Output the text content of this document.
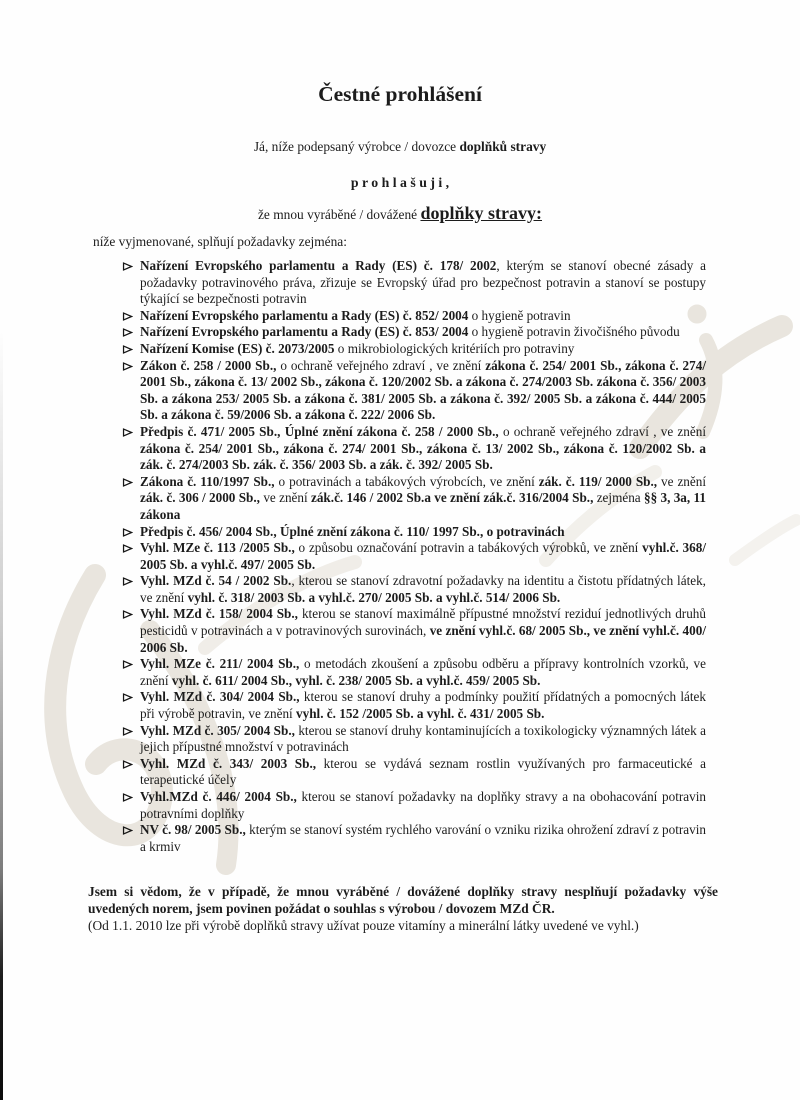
Čestné prohlášení

Já, níže podepsaný výrobce / dovozce doplňků stravy

p r o h l a š u j i ,

že mnou vyráběné / dovážené doplňky stravy:

níže vyjmenované, splňují požadavky zejména:

Nařízení Evropského parlamentu a Rady (ES) č. 178/ 2002, kterým se stanoví obecné zásady a požadavky potravinového práva, zřizuje se Evropský úřad pro bezpečnost potravin a stanoví se postupy týkající se bezpečnosti potravin
Nařízení Evropského parlamentu a Rady (ES) č. 852/ 2004 o hygieně potravin
Nařízení Evropského parlamentu a Rady (ES) č. 853/ 2004 o hygieně potravin živočišného původu
Nařízení Komise (ES) č. 2073/2005 o mikrobiologických kritériích pro potraviny
Zákon č. 258 / 2000 Sb., o ochraně veřejného zdraví , ve znění zákona č. 254/ 2001 Sb., zákona č. 274/ 2001 Sb., zákona č. 13/ 2002 Sb., zákona č. 120/2002 Sb. a zákona č. 274/2003 Sb. zákona č. 356/ 2003 Sb. a zákona 253/ 2005 Sb. a zákona č. 381/ 2005 Sb. a zákona č. 392/ 2005 Sb. a zákona č. 444/ 2005 Sb. a zákona č. 59/2006 Sb. a zákona č. 222/ 2006 Sb.
Předpis č. 471/ 2005 Sb., Úplné znění zákona č. 258 / 2000 Sb., o ochraně veřejného zdraví , ve znění zákona č. 254/ 2001 Sb., zákona č. 274/ 2001 Sb., zákona č. 13/ 2002 Sb., zákona č. 120/2002 Sb. a zák. č. 274/2003 Sb. zák. č. 356/ 2003 Sb. a zák. č. 392/ 2005 Sb.
Zákona č. 110/1997 Sb., o potravinách a tabákových výrobcích, ve znění zák. č. 119/ 2000 Sb., ve znění zák. č. 306 / 2000 Sb., ve znění zák.č. 146 / 2002 Sb.a ve znění zák.č. 316/2004 Sb., zejména §§ 3, 3a, 11 zákona
Předpis č. 456/ 2004 Sb., Úplné znění zákona č. 110/ 1997 Sb., o potravinách
Vyhl. MZe č. 113 /2005 Sb., o způsobu označování potravin a tabákových výrobků, ve znění vyhl.č. 368/ 2005 Sb. a vyhl.č. 497/ 2005 Sb.
Vyhl. MZd č. 54 / 2002 Sb., kterou se stanoví zdravotní požadavky na identitu a čistotu přídatných látek, ve znění vyhl. č. 318/ 2003 Sb. a vyhl.č. 270/ 2005 Sb. a vyhl.č. 514/ 2006 Sb.
Vyhl. MZd č. 158/ 2004 Sb., kterou se stanoví maximálně přípustné množství reziduí jednotlivých druhů pesticidů v potravinách a v potravinových surovinách, ve znění vyhl.č. 68/ 2005 Sb., ve znění vyhl.č. 400/ 2006 Sb.
Vyhl. MZe č. 211/ 2004 Sb., o metodách zkoušení a způsobu odběru a přípravy kontrolních vzorků, ve znění vyhl. č. 611/ 2004 Sb., vyhl. č. 238/ 2005 Sb. a vyhl.č. 459/ 2005 Sb.
Vyhl. MZd č. 304/ 2004 Sb., kterou se stanoví druhy a podmínky použití přídatných a pomocných látek při výrobě potravin, ve znění vyhl. č. 152 /2005 Sb. a vyhl. č. 431/ 2005 Sb.
Vyhl. MZd č. 305/ 2004 Sb., kterou se stanoví druhy kontaminujících a toxikologicky významných látek a jejich přípustné množství v potravinách
Vyhl. MZd č. 343/ 2003 Sb., kterou se vydává seznam rostlin využívaných pro farmaceutické a terapeutické účely
Vyhl.MZd č. 446/ 2004 Sb., kterou se stanoví požadavky na doplňky stravy a na obohacování potravin potravními doplňky
NV č. 98/ 2005 Sb., kterým se stanoví systém rychlého varování o vzniku rizika ohrožení zdraví z potravin a krmiv

Jsem si vědom, že v případě, že mnou vyráběné / dovážené doplňky stravy nesplňují požadavky výše uvedených norem, jsem povinen požádat o souhlas s výrobou / dovozem MZd ČR.

(Od 1.1. 2010 lze při výrobě doplňků stravy užívat pouze vitamíny a minerální látky uvedené ve vyhl.)
